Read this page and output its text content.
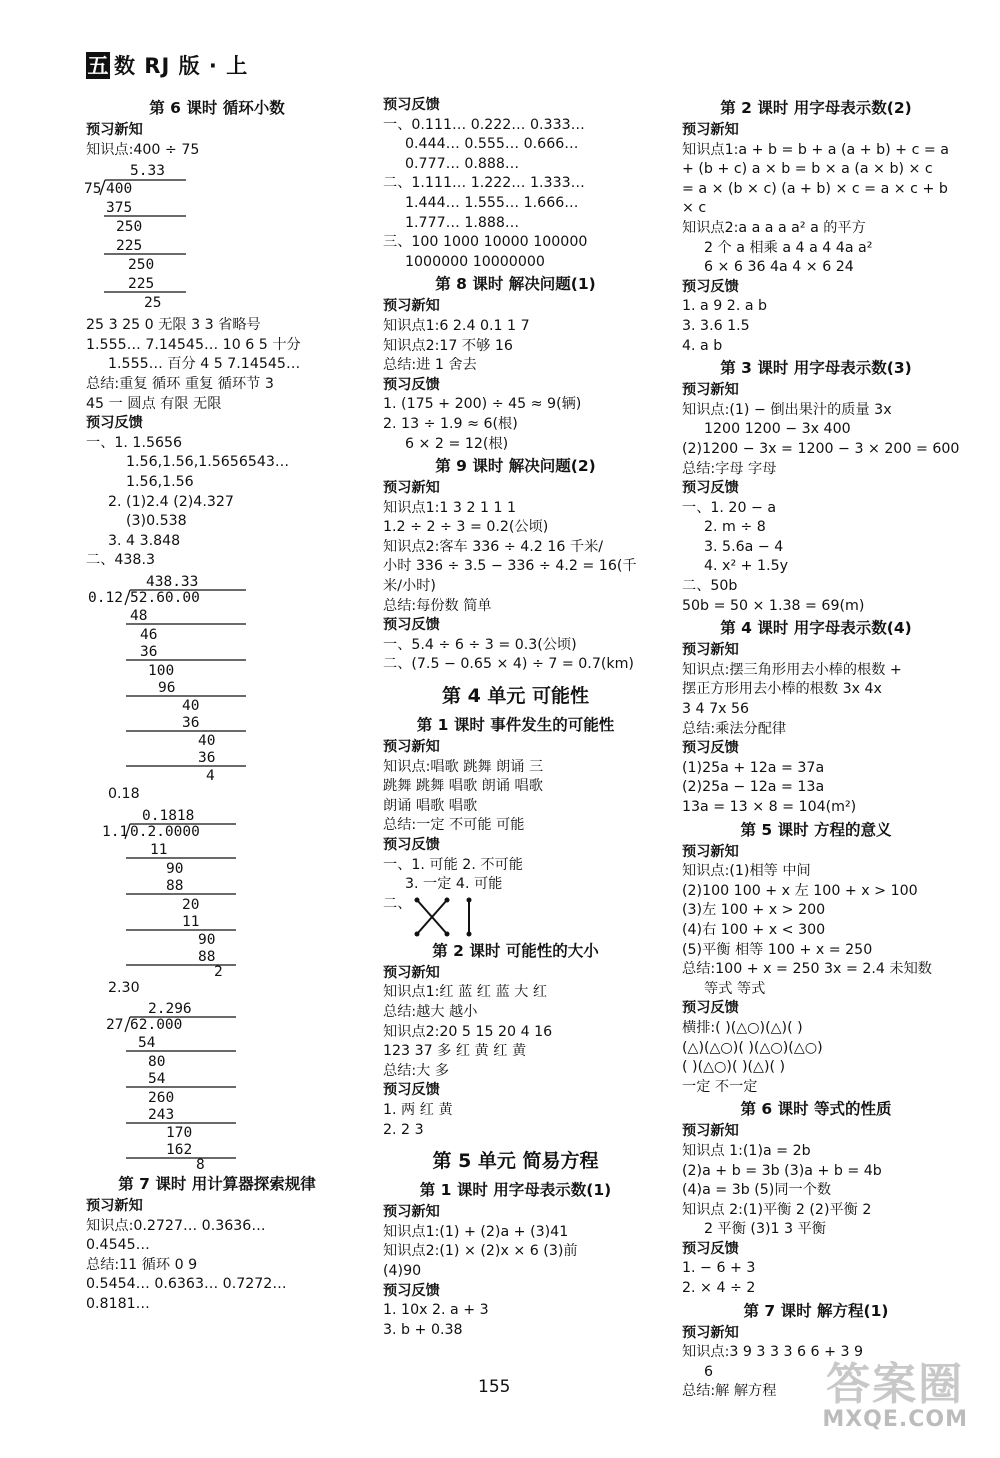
五 数 RJ 版 · 上
第 6 课时 循环小数
预习新知
知识点:400 ÷ 75
5.33
75 400
375
250
225
250
225
25
25 3 25 0 无限 3 3 省略号
1.555… 7.14545… 10 6 5 十分
1.555… 百分 4 5 7.14545…
总结:重复 循环 重复 循环节 3
45 一 圆点 有限 无限
预习反馈
一、1. 1.5656
1.56,1.56,1.5656543…
1.56,1.56
2. (1)2.4 (2)4.327
(3)0.538
3. 4 3.848
二、438.3
438.33
0.12 52.60.00
48
46
36
100
96
40
36
40
36
4
0.18
0.1818
1.1 0.2.0000
11
90
88
20
11
90
88
2
2.30
2.296
27 62.000
54
80
54
260
243
170
162
8
第 7 课时 用计算器探索规律
预习新知
知识点:0.2727… 0.3636…
0.4545…
总结:11 循环 0 9
0.5454… 0.6363… 0.7272…
0.8181…
预习反馈
一、0.111… 0.222… 0.333…
0.444… 0.555… 0.666…
0.777… 0.888…
二、1.111… 1.222… 1.333…
1.444… 1.555… 1.666…
1.777… 1.888…
三、100 1000 10000 100000
1000000 10000000
第 8 课时 解决问题(1)
预习新知
知识点1:6 2.4 0.1 1 7
知识点2:17 不够 16
总结:进 1 舍去
预习反馈
1. (175 + 200) ÷ 45 ≈ 9(辆)
2. 13 ÷ 1.9 ≈ 6(根)
6 × 2 = 12(根)
第 9 课时 解决问题(2)
预习新知
知识点1:1 3 2 1 1 1
1.2 ÷ 2 ÷ 3 = 0.2(公顷)
知识点2:客车 336 ÷ 4.2 16 千米/
小时 336 ÷ 3.5 − 336 ÷ 4.2 = 16(千
米/小时)
总结:每份数 简单
预习反馈
一、5.4 ÷ 6 ÷ 3 = 0.3(公顷)
二、(7.5 − 0.65 × 4) ÷ 7 = 0.7(km)
第 4 单元 可能性
第 1 课时 事件发生的可能性
预习新知
知识点:唱歌 跳舞 朗诵 三
跳舞 跳舞 唱歌 朗诵 唱歌
朗诵 唱歌 唱歌
总结:一定 不可能 可能
预习反馈
一、1. 可能 2. 不可能
3. 一定 4. 可能
二、
第 2 课时 可能性的大小
预习新知
知识点1:红 蓝 红 蓝 大 红
总结:越大 越小
知识点2:20 5 15 20 4 16
123 37 多 红 黄 红 黄
总结:大 多
预习反馈
1. 两 红 黄
2. 2 3
第 5 单元 简易方程
第 1 课时 用字母表示数(1)
预习新知
知识点1:(1) + (2)a + (3)41
知识点2:(1) × (2)x × 6 (3)前
(4)90
预习反馈
1. 10x 2. a + 3
3. b + 0.38
第 2 课时 用字母表示数(2)
预习新知
知识点1:a + b = b + a (a + b) + c = a
+ (b + c) a × b = b × a (a × b) × c
= a × (b × c) (a + b) × c = a × c + b
× c
知识点2:a a a a a² a 的平方
2 个 a 相乘 a 4 a 4 4a a²
6 × 6 36 4a 4 × 6 24
预习反馈
1. a 9 2. a b
3. 3.6 1.5
4. a b
第 3 课时 用字母表示数(3)
预习新知
知识点:(1) − 倒出果汁的质量 3x
1200 1200 − 3x 400
(2)1200 − 3x = 1200 − 3 × 200 = 600
总结:字母 字母
预习反馈
一、1. 20 − a
2. m ÷ 8
3. 5.6a − 4
4. x² + 1.5y
二、50b
50b = 50 × 1.38 = 69(m)
第 4 课时 用字母表示数(4)
预习新知
知识点:摆三角形用去小棒的根数 +
摆正方形用去小棒的根数 3x 4x
3 4 7x 56
总结:乘法分配律
预习反馈
(1)25a + 12a = 37a
(2)25a − 12a = 13a
13a = 13 × 8 = 104(m²)
第 5 课时 方程的意义
预习新知
知识点:(1)相等 中间
(2)100 100 + x 左 100 + x > 100
(3)左 100 + x > 200
(4)右 100 + x < 300
(5)平衡 相等 100 + x = 250
总结:100 + x = 250 3x = 2.4 未知数
等式 等式
预习反馈
横排:( )(△○)(△)( )
(△)(△○)( )(△○)(△○)
( )(△○)( )(△)( )
一定 不一定
第 6 课时 等式的性质
预习新知
知识点 1:(1)a = 2b
(2)a + b = 3b (3)a + b = 4b
(4)a = 3b (5)同一个数
知识点 2:(1)平衡 2 (2)平衡 2
2 平衡 (3)1 3 平衡
预习反馈
1. − 6 + 3
2. × 4 ÷ 2
第 7 课时 解方程(1)
预习新知
知识点:3 9 3 3 3 6 6 + 3 9
6
总结:解 解方程
155	答案圈
MXQE.COM
